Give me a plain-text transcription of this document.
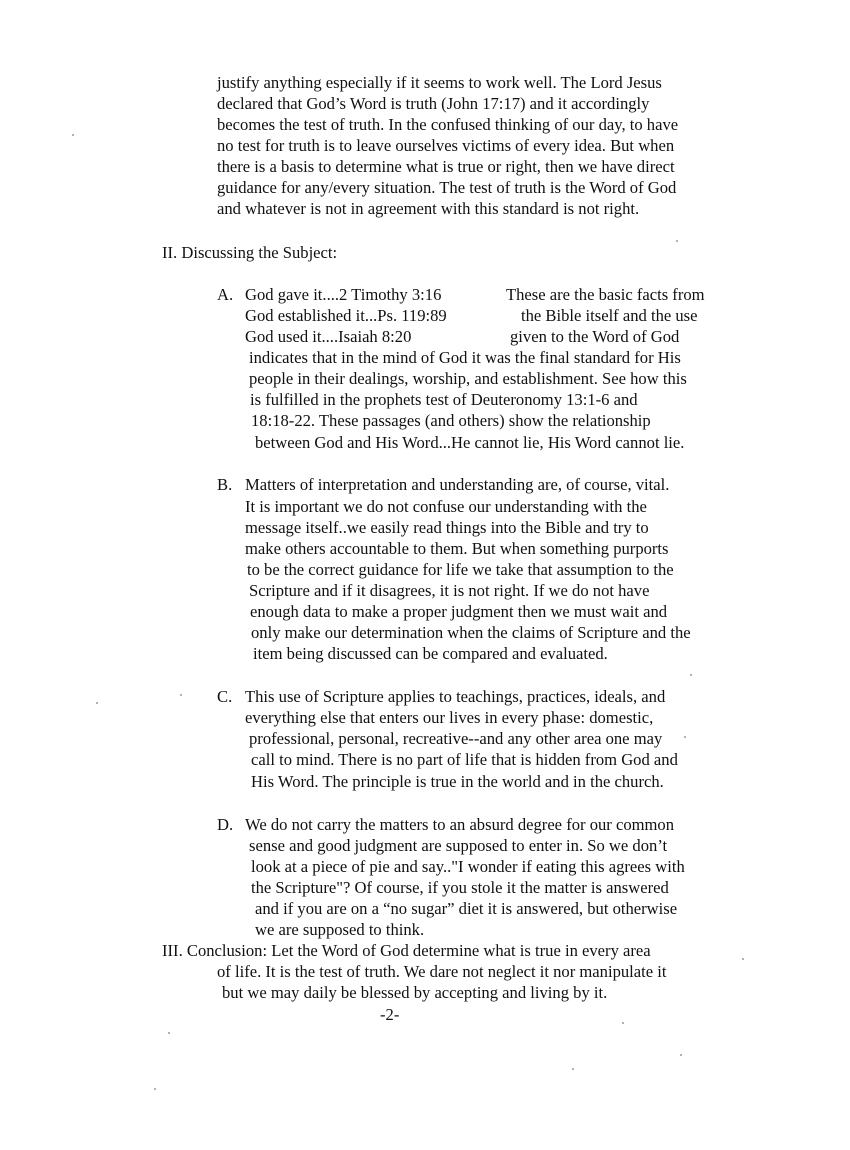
justify anything especially if it seems to work well. The Lord Jesus
declared that God’s Word is truth (John 17:17) and it accordingly
becomes the test of truth. In the confused thinking of our day, to have
no test for truth is to leave ourselves victims of every idea. But when
there is a basis to determine what is true or right, then we have direct
guidance for any/every situation. The test of truth is the Word of God
and whatever is not in agreement with this standard is not right.
II. Discussing the Subject:
A. God gave it....2 Timothy 3:16
God established it...Ps. 119:89
God used it....Isaiah 8:20
These are the basic facts from
the Bible itself and the use
given to the Word of God
indicates that in the mind of God it was the final standard for His
people in their dealings, worship, and establishment. See how this
is fulfilled in the prophets test of Deuteronomy 13:1-6 and
18:18-22. These passages (and others) show the relationship
between God and His Word...He cannot lie, His Word cannot lie.
B. Matters of interpretation and understanding are, of course, vital.
It is important we do not confuse our understanding with the
message itself..we easily read things into the Bible and try to
make others accountable to them. But when something purports
to be the correct guidance for life we take that assumption to the
Scripture and if it disagrees, it is not right. If we do not have
enough data to make a proper judgment then we must wait and
only make our determination when the claims of Scripture and the
item being discussed can be compared and evaluated.
C. This use of Scripture applies to teachings, practices, ideals, and
everything else that enters our lives in every phase: domestic,
professional, personal, recreative--and any other area one may
call to mind. There is no part of life that is hidden from God and
His Word. The principle is true in the world and in the church.
D. We do not carry the matters to an absurd degree for our common
sense and good judgment are supposed to enter in. So we don’t
look at a piece of pie and say.."I wonder if eating this agrees with
the Scripture"? Of course, if you stole it the matter is answered
and if you are on a “no sugar” diet it is answered, but otherwise
we are supposed to think.
III. Conclusion: Let the Word of God determine what is true in every area
of life. It is the test of truth. We dare not neglect it nor manipulate it
but we may daily be blessed by accepting and living by it.
-2-
